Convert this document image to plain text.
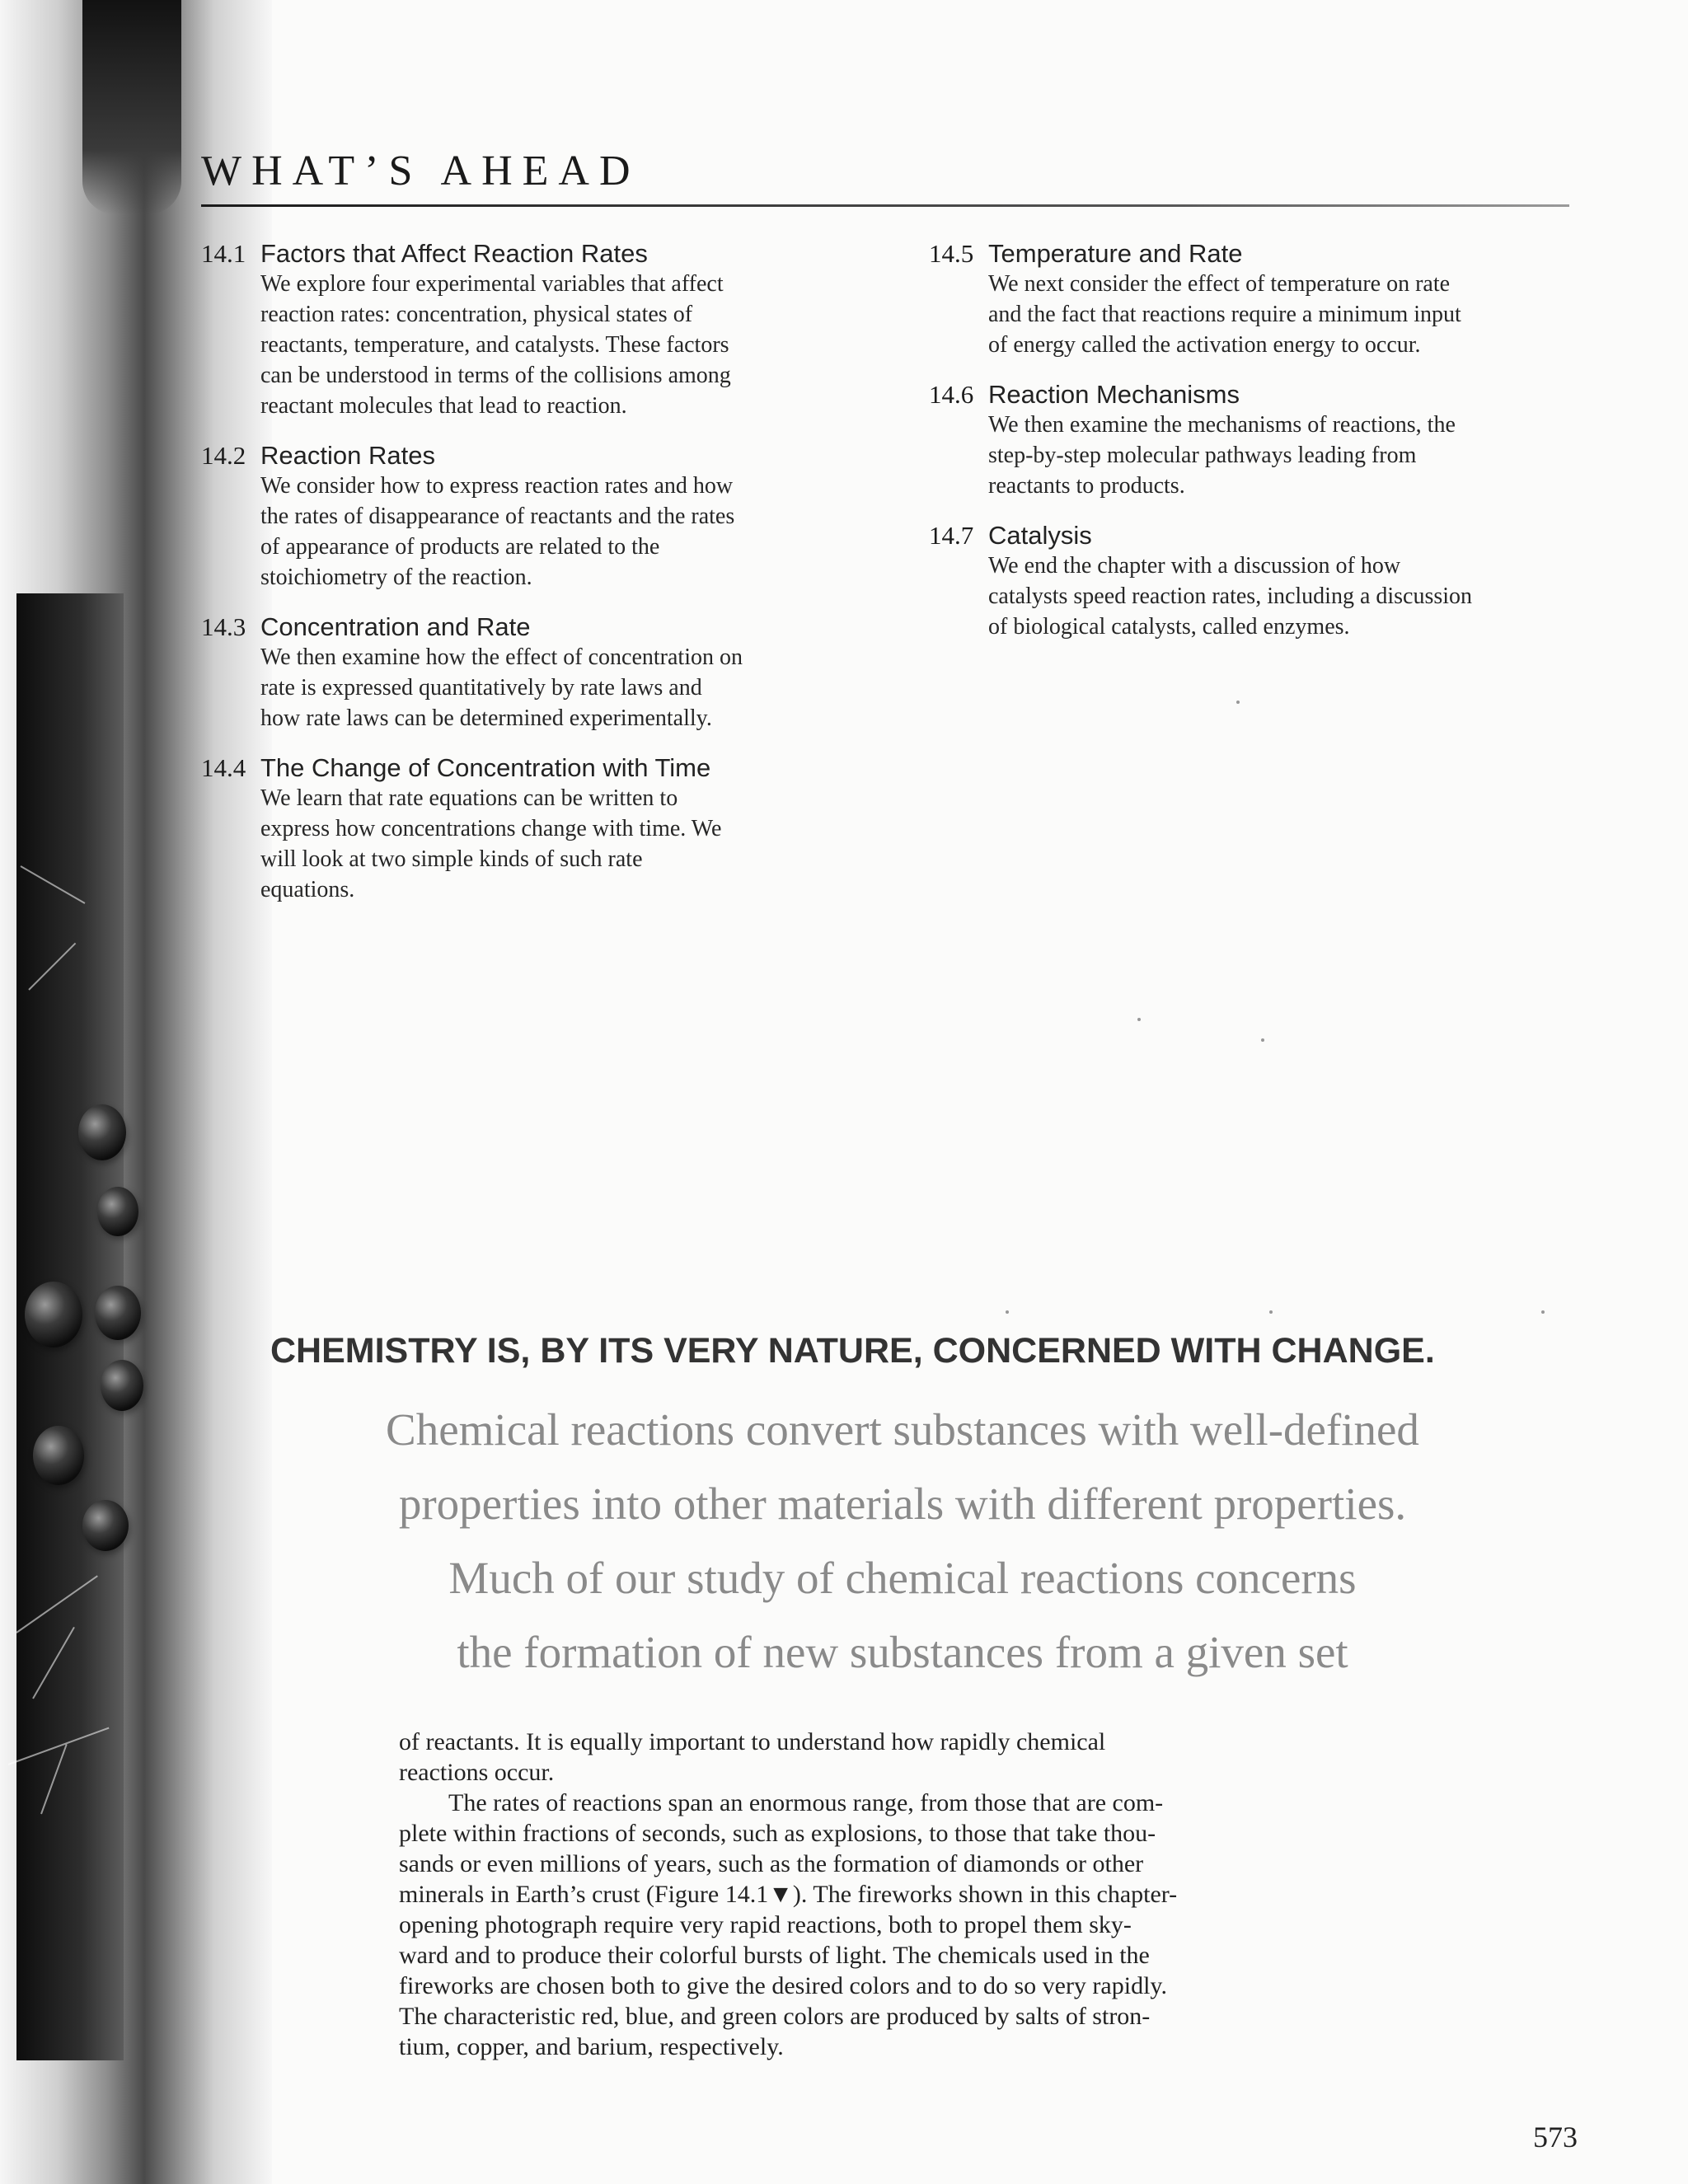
WHAT’S AHEAD
14.1 Factors that Affect Reaction Rates
We explore four experimental variables that affect
reaction rates: concentration, physical states of
reactants, temperature, and catalysts. These factors
can be understood in terms of the collisions among
reactant molecules that lead to reaction.
14.2 Reaction Rates
We consider how to express reaction rates and how
the rates of disappearance of reactants and the rates
of appearance of products are related to the
stoichiometry of the reaction.
14.3 Concentration and Rate
We then examine how the effect of concentration on
rate is expressed quantitatively by rate laws and
how rate laws can be determined experimentally.
14.4 The Change of Concentration with Time
We learn that rate equations can be written to
express how concentrations change with time. We
will look at two simple kinds of such rate
equations.
14.5 Temperature and Rate
We next consider the effect of temperature on rate
and the fact that reactions require a minimum input
of energy called the activation energy to occur.
14.6 Reaction Mechanisms
We then examine the mechanisms of reactions, the
step-by-step molecular pathways leading from
reactants to products.
14.7 Catalysis
We end the chapter with a discussion of how
catalysts speed reaction rates, including a discussion
of biological catalysts, called enzymes.
CHEMISTRY IS, BY ITS VERY NATURE, CONCERNED WITH CHANGE.
Chemical reactions convert substances with well-defined
properties into other materials with different properties.
Much of our study of chemical reactions concerns
the formation of new substances from a given set

of reactants. It is equally important to understand how rapidly chemical
reactions occur.

The rates of reactions span an enormous range, from those that are com-
plete within fractions of seconds, such as explosions, to those that take thou-
sands or even millions of years, such as the formation of diamonds or other
minerals in Earth’s crust (Figure 14.1▼). The fireworks shown in this chapter-
opening photograph require very rapid reactions, both to propel them sky-
ward and to produce their colorful bursts of light. The chemicals used in the
fireworks are chosen both to give the desired colors and to do so very rapidly.
The characteristic red, blue, and green colors are produced by salts of stron-
tium, copper, and barium, respectively.

573
